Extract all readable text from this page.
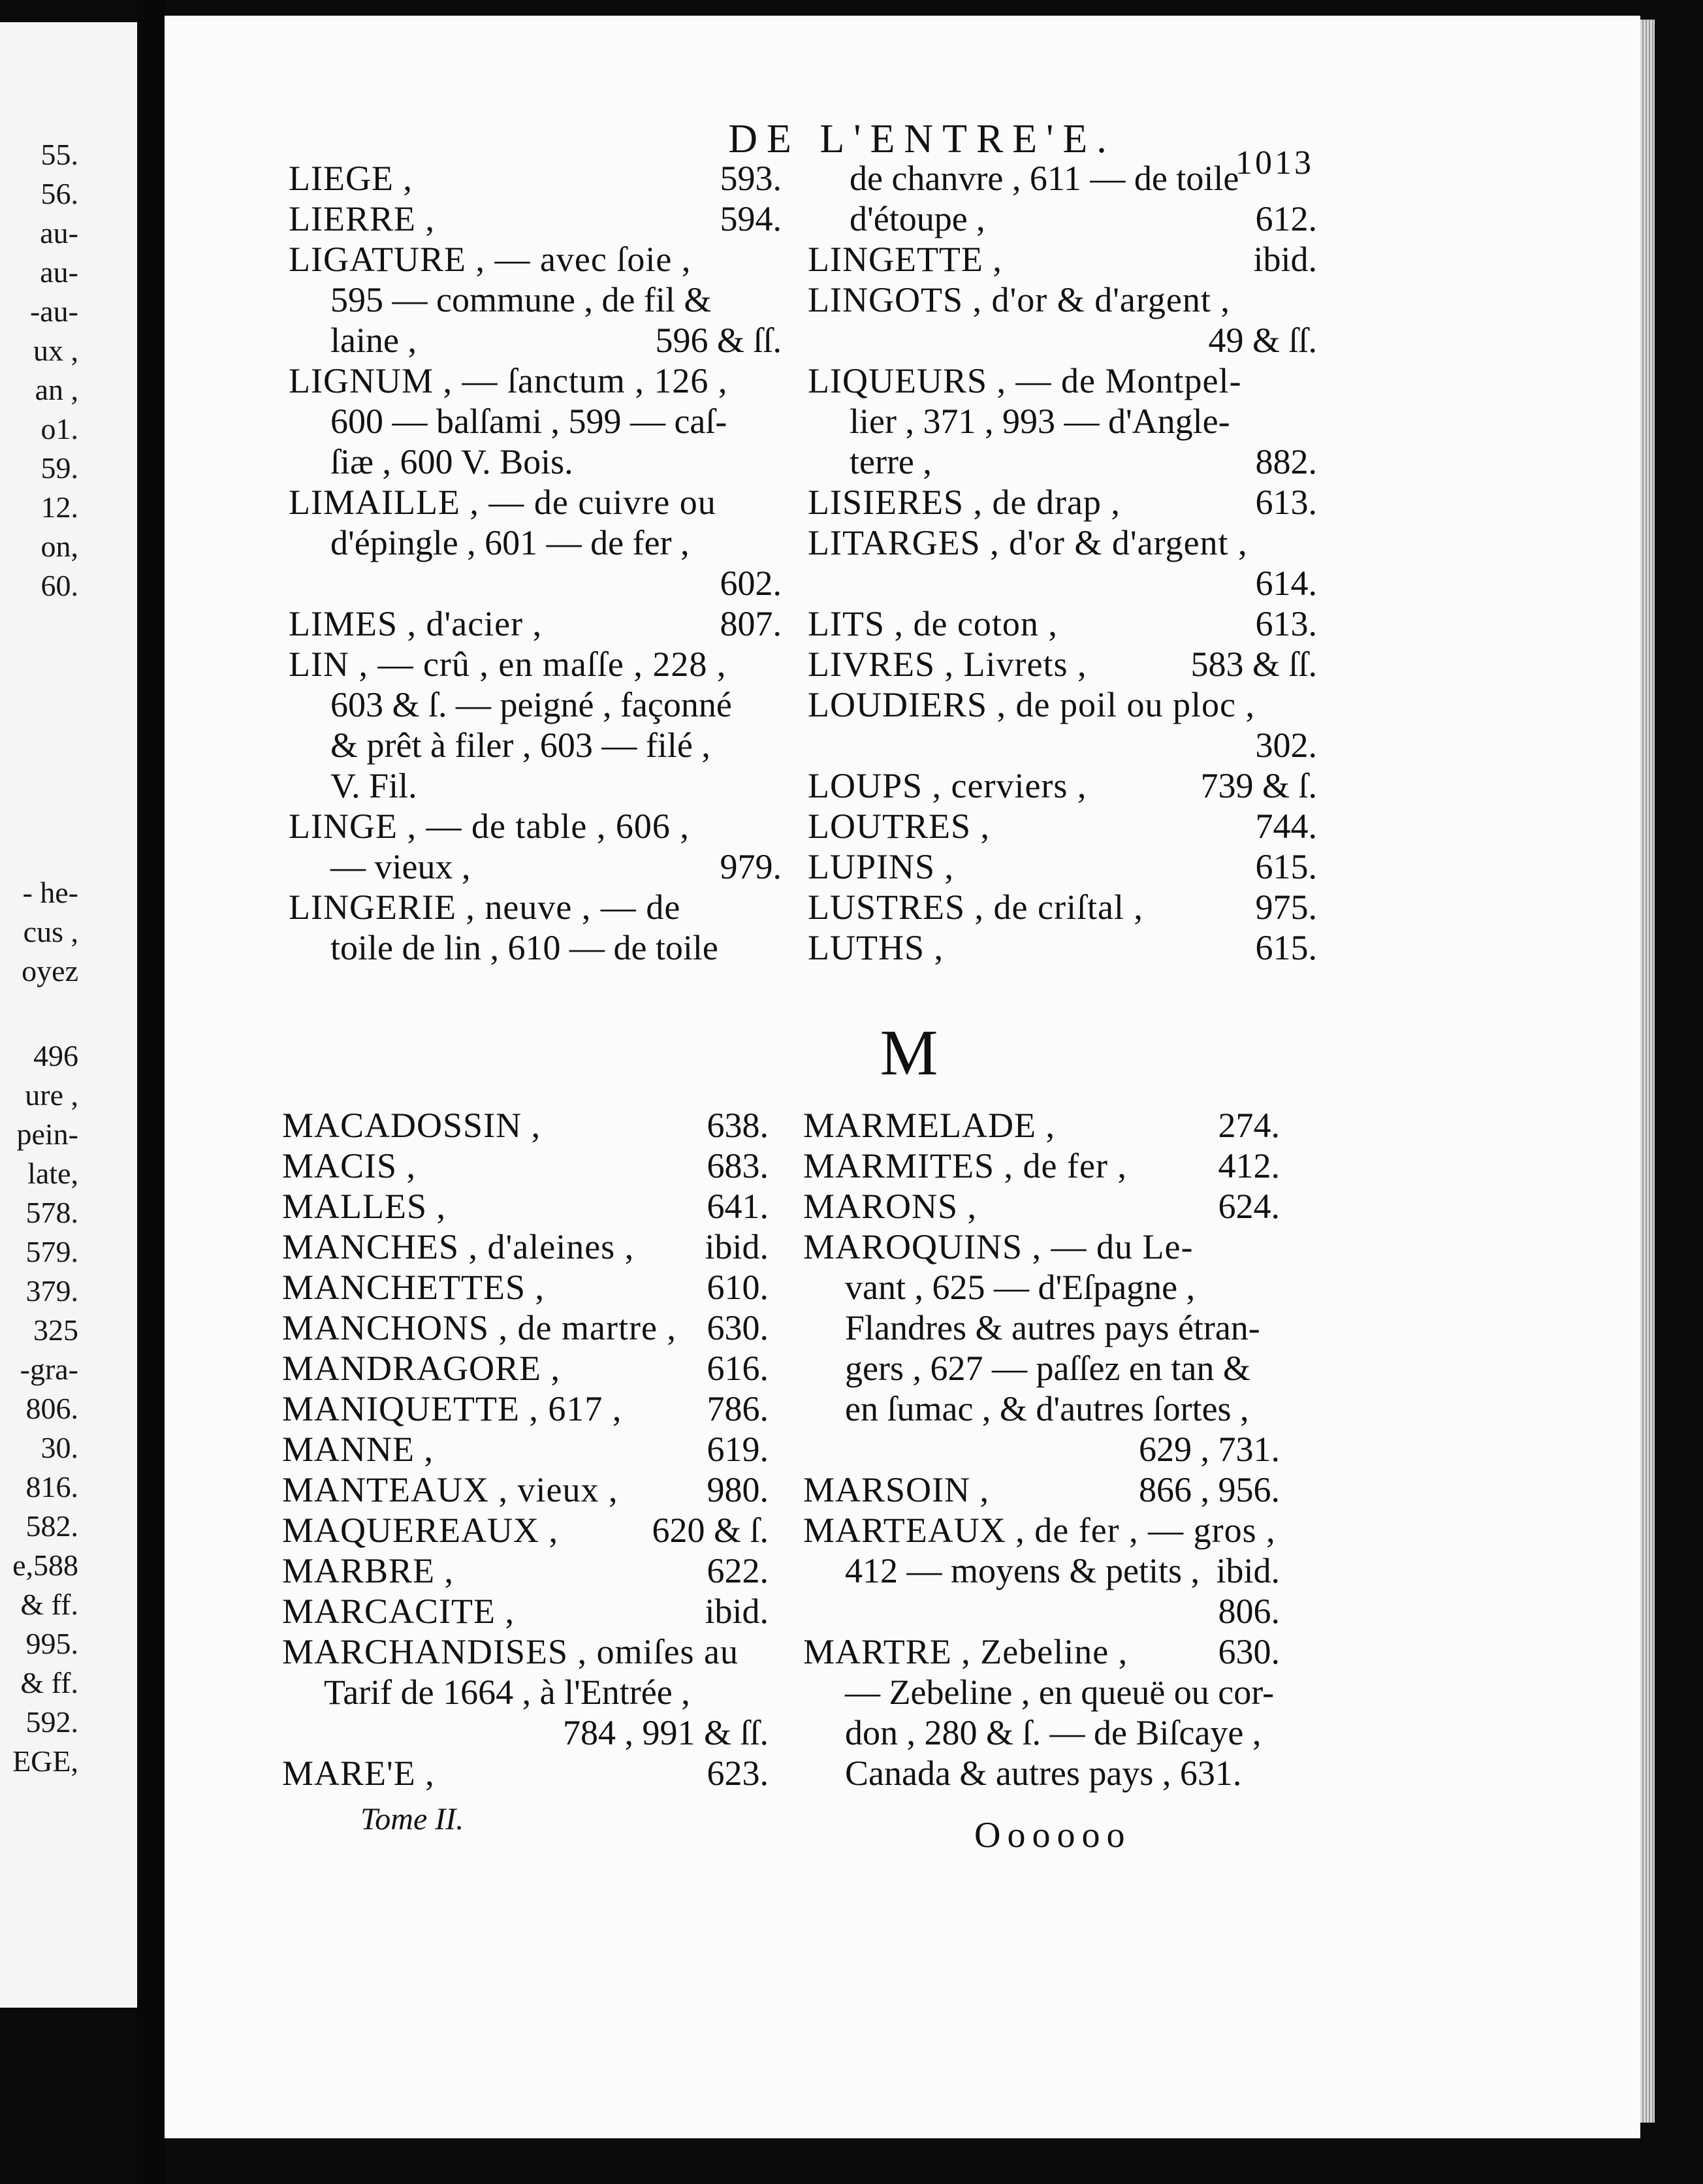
55.
56.
au-
au-
-au-
ux ,
an ,
o1.
59.
12.
on,
60.
- he-
cus ,
oyez
496
ure ,
pein-
late,
578.
579.
379.
325
-gra-
806.
30.
816.
582.
e,588
& ff.
995.
& ff.
592.
EGE,
DE L'ENTRE'E.
1013
LIEGE ,	593.
LIERRE ,	594.
LIGATURE , — avec ſoie ,
595 — commune , de fil &
laine ,	596 & ſſ.
LIGNUM , — ſanctum , 126 ,
600 — balſami , 599 — caſ-
ſiæ , 600 V. Bois.
LIMAILLE , — de cuivre ou
d'épingle , 601 — de fer ,
602.
LIMES , d'acier ,	807.
LIN , — crû , en maſſe , 228 ,
603 & ſ. — peigné , façonné
& prêt à filer , 603 — filé ,
V. Fil.
LINGE , — de table , 606 ,
— vieux ,	979.
LINGERIE , neuve , — de
toile de lin , 610 — de toile
de chanvre , 611 — de toile
d'étoupe ,	612.
LINGETTE ,	ibid.
LINGOTS , d'or & d'argent ,
49 & ſſ.
LIQUEURS , — de Montpel-
lier , 371 , 993 — d'Angle-
terre ,	882.
LISIERES , de drap ,	613.
LITARGES , d'or & d'argent ,
614.
LITS , de coton ,	613.
LIVRES , Livrets ,	583 & ſſ.
LOUDIERS , de poil ou ploc ,
302.
LOUPS , cerviers ,	739 & ſ.
LOUTRES ,	744.
LUPINS ,	615.
LUSTRES , de criſtal ,	975.
LUTHS ,	615.
M
MACADOSSIN ,	638.
MACIS ,	683.
MALLES ,	641.
MANCHES , d'aleines , ibid.
MANCHETTES ,	610.
MANCHONS , de martre , 630.
MANDRAGORE ,	616.
MANIQUETTE , 617 , 786.
MANNE ,	619.
MANTEAUX , vieux ,	980.
MAQUEREAUX ,	620 & ſ.
MARBRE ,	622.
MARCACITE ,	ibid.
MARCHANDISES , omiſes au
Tarif de 1664 , à l'Entrée ,
784 , 991 & ſſ.
MARE'E ,	623.
MARMELADE ,	274.
MARMITES , de fer ,	412.
MARONS ,	624.
MAROQUINS , — du Le-
vant , 625 — d'Eſpagne ,
Flandres & autres pays étran-
gers , 627 — paſſez en tan &
en ſumac , & d'autres ſortes ,
629 , 731.
MARSOIN ,	866 , 956.
MARTEAUX , de fer , — gros ,
412 — moyens & petits , ibid.
806.
MARTRE , Zebeline ,	630.
— Zebeline , en queuë ou cor-
don , 280 & ſ. — de Biſcaye ,
Canada & autres pays , 631.
Tome II.	Oooooo
